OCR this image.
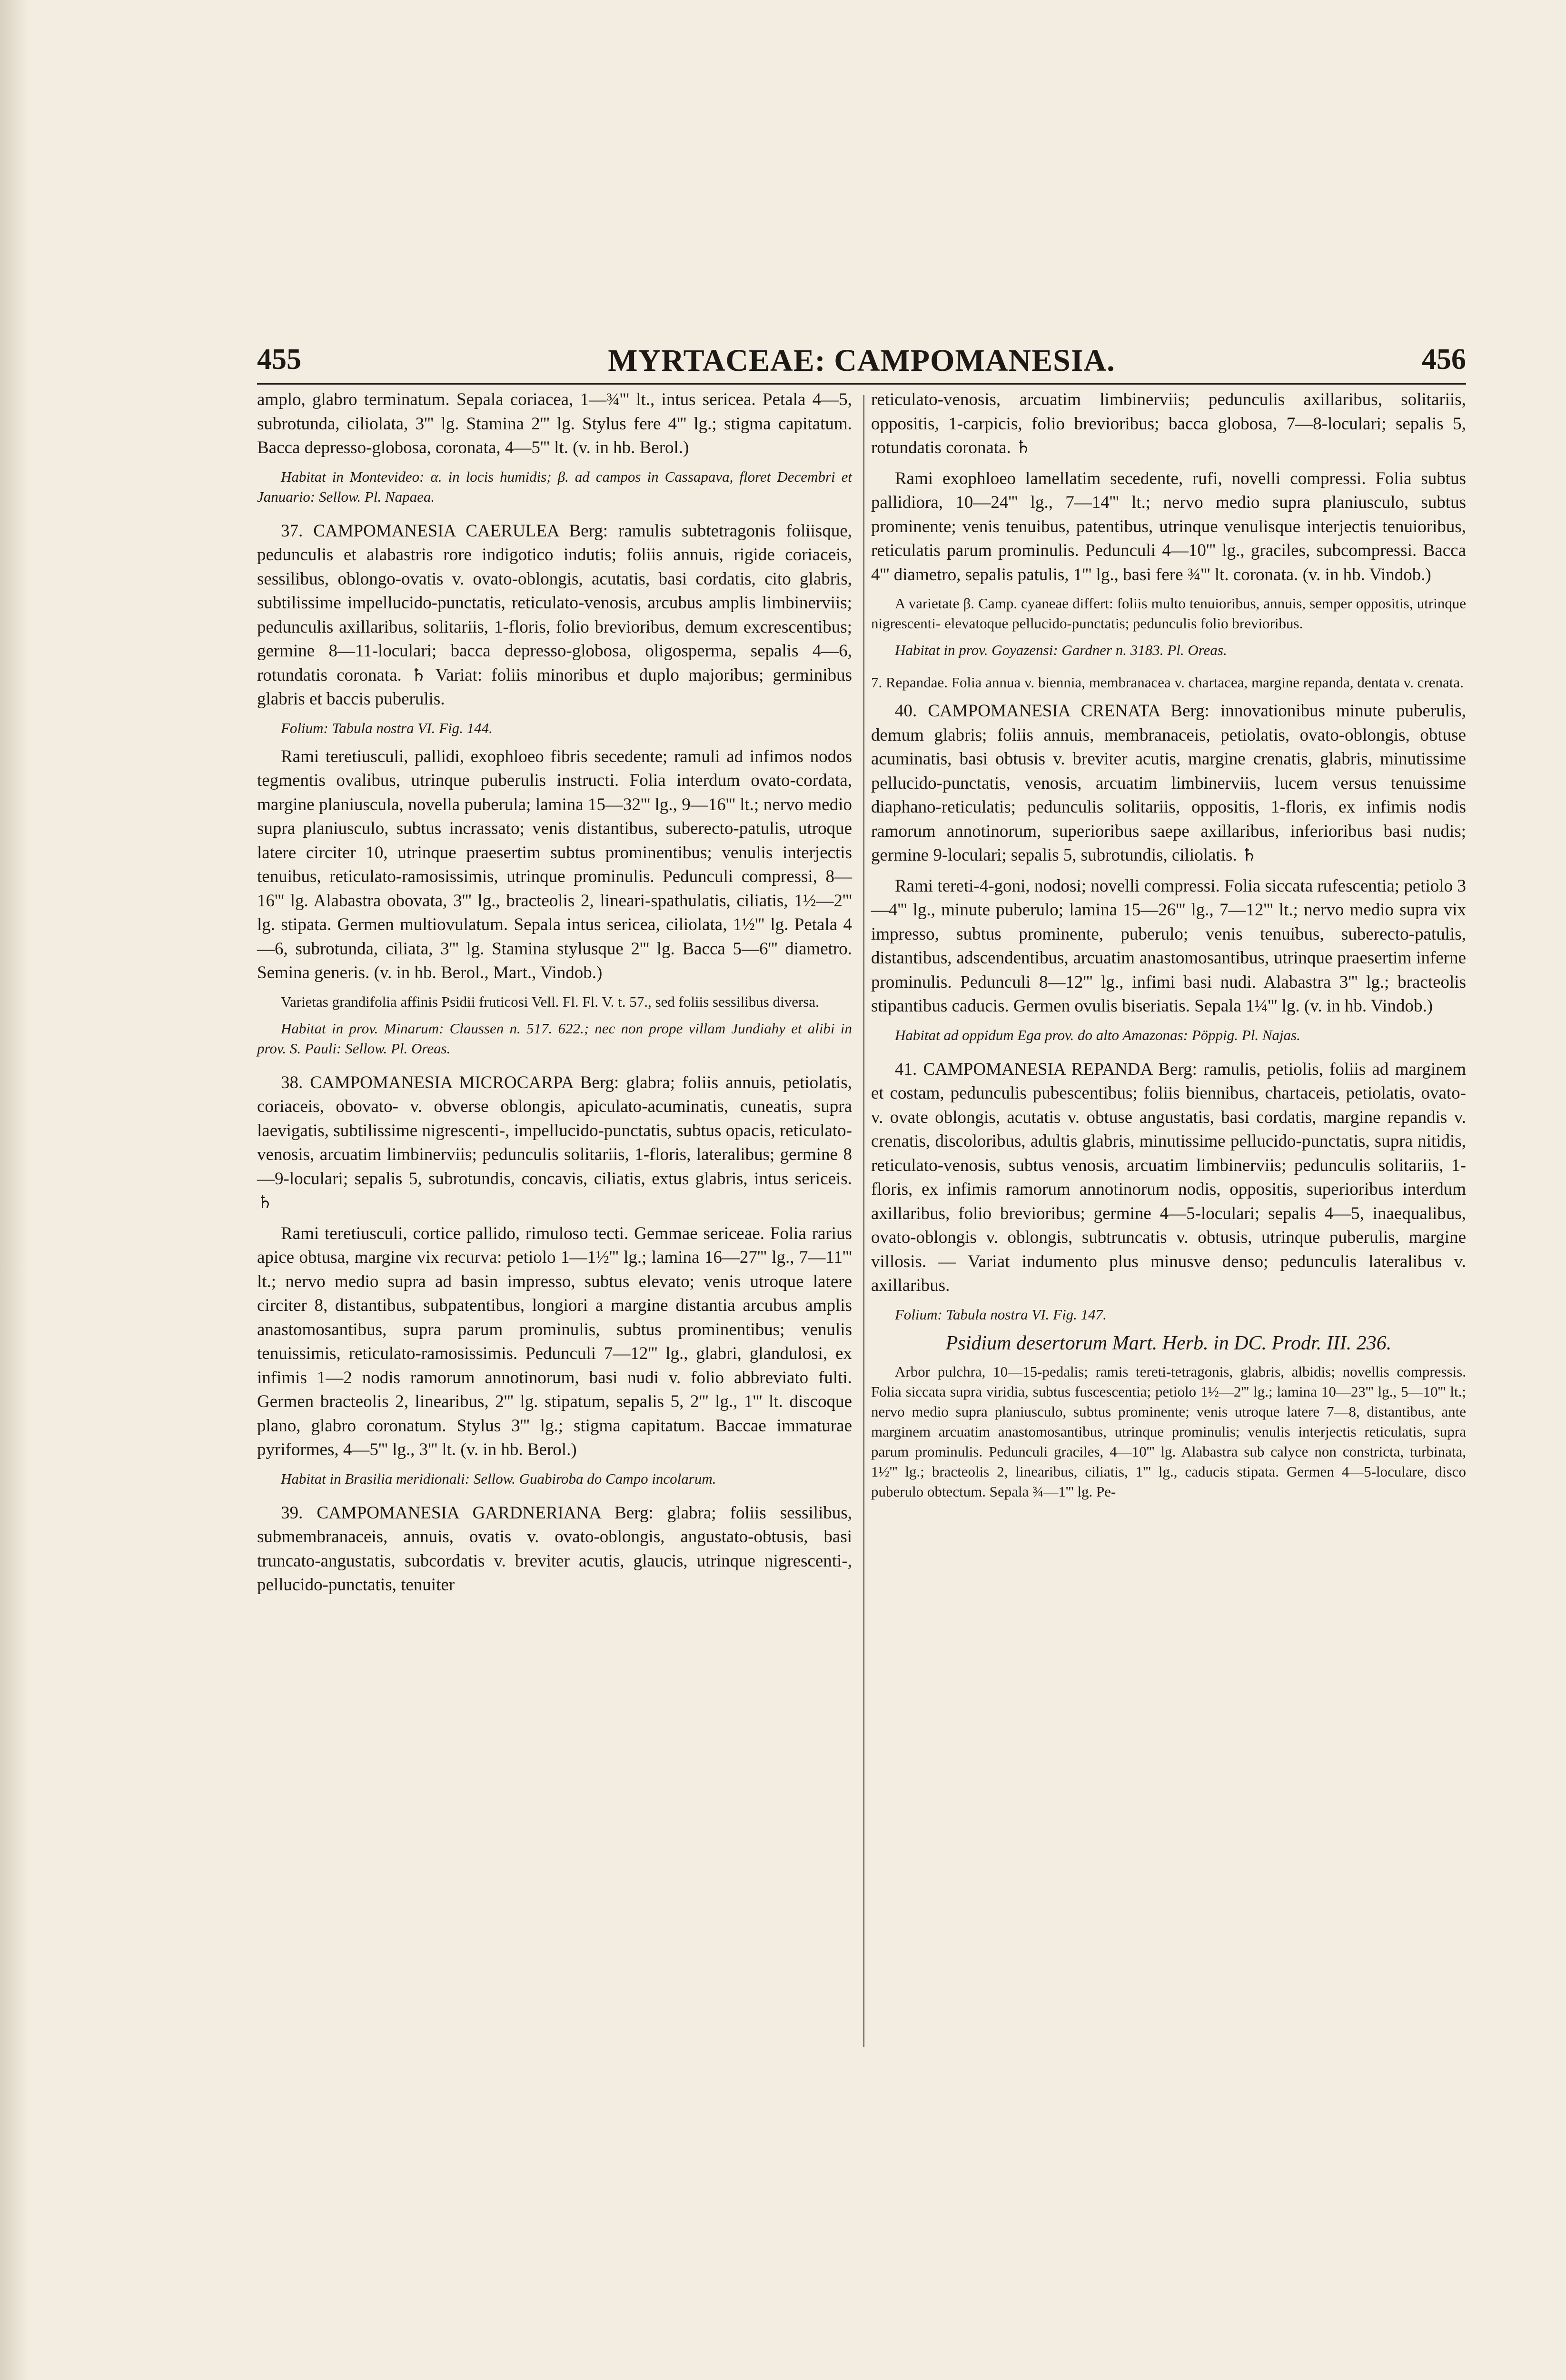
455	MYRTACEAE: CAMPOMANESIA.	456

amplo, glabro terminatum. Sepala coriacea, 1—¾''' lt., intus sericea. Petala 4—5, subrotunda, ciliolata, 3''' lg. Stamina 2''' lg. Stylus fere 4''' lg.; stigma capitatum. Bacca depresso-globosa, coronata, 4—5''' lt. (v. in hb. Berol.)

Habitat in Montevideo: α. in locis humidis; β. ad campos in Cassapava, floret Decembri et Januario: Sellow. Pl. Napaea.

37. CAMPOMANESIA CAERULEA Berg: ramulis subtetragonis foliisque, pedunculis et alabastris rore indigotico indutis; foliis annuis, rigide coriaceis, sessilibus, oblongo-ovatis v. ovato-oblongis, acutatis, basi cordatis, cito glabris, subtilissime impellucido-punctatis, reticulato-venosis, arcubus amplis limbinerviis; pedunculis axillaribus, solitariis, 1-floris, folio brevioribus, demum excrescentibus; germine 8—11-loculari; bacca depresso-globosa, oligosperma, sepalis 4—6, rotundatis coronata. ♄ Variat: foliis minoribus et duplo majoribus; germinibus glabris et baccis puberulis.

Folium: Tabula nostra VI. Fig. 144.

Rami teretiusculi, pallidi, exophloeo fibris secedente; ramuli ad infimos nodos tegmentis ovalibus, utrinque puberulis instructi. Folia interdum ovato-cordata, margine planiuscula, novella puberula; lamina 15—32''' lg., 9—16''' lt.; nervo medio supra planiusculo, subtus incrassato; venis distantibus, suberecto-patulis, utroque latere circiter 10, utrinque praesertim subtus prominentibus; venulis interjectis tenuibus, reticulato-ramosissimis, utrinque prominulis. Pedunculi compressi, 8—16''' lg. Alabastra obovata, 3''' lg., bracteolis 2, lineari-spathulatis, ciliatis, 1½—2''' lg. stipata. Germen multiovulatum. Sepala intus sericea, ciliolata, 1½''' lg. Petala 4—6, subrotunda, ciliata, 3''' lg. Stamina stylusque 2''' lg. Bacca 5—6''' diametro. Semina generis. (v. in hb. Berol., Mart., Vindob.)

Varietas grandifolia affinis Psidii fruticosi Vell. Fl. Fl. V. t. 57., sed foliis sessilibus diversa.

Habitat in prov. Minarum: Claussen n. 517. 622.; nec non prope villam Jundiahy et alibi in prov. S. Pauli: Sellow. Pl. Oreas.

38. CAMPOMANESIA MICROCARPA Berg: glabra; foliis annuis, petiolatis, coriaceis, obovato- v. obverse oblongis, apiculato-acuminatis, cuneatis, supra laevigatis, subtilissime nigrescenti-, impellucido-punctatis, subtus opacis, reticulato-venosis, arcuatim limbinerviis; pedunculis solitariis, 1-floris, lateralibus; germine 8—9-loculari; sepalis 5, subrotundis, concavis, ciliatis, extus glabris, intus sericeis. ♄

Rami teretiusculi, cortice pallido, rimuloso tecti. Gemmae sericeae. Folia rarius apice obtusa, margine vix recurva: petiolo 1—1½''' lg.; lamina 16—27''' lg., 7—11''' lt.; nervo medio supra ad basin impresso, subtus elevato; venis utroque latere circiter 8, distantibus, subpatentibus, longiori a margine distantia arcubus amplis anastomosantibus, supra parum prominulis, subtus prominentibus; venulis tenuissimis, reticulato-ramosissimis. Pedunculi 7—12''' lg., glabri, glandulosi, ex infimis 1—2 nodis ramorum annotinorum, basi nudi v. folio abbreviato fulti. Germen bracteolis 2, linearibus, 2''' lg. stipatum, sepalis 5, 2''' lg., 1''' lt. discoque plano, glabro coronatum. Stylus 3''' lg.; stigma capitatum. Baccae immaturae pyriformes, 4—5''' lg., 3''' lt. (v. in hb. Berol.)

Habitat in Brasilia meridionali: Sellow. Guabiroba do Campo incolarum.

39. CAMPOMANESIA GARDNERIANA Berg: glabra; foliis sessilibus, submembranaceis, annuis, ovatis v. ovato-oblongis, angustato-obtusis, basi truncato-angustatis, subcordatis v. breviter acutis, glaucis, utrinque nigrescenti-, pellucido-punctatis, tenuiter

reticulato-venosis, arcuatim limbinerviis; pedunculis axillaribus, solitariis, oppositis, 1-carpicis, folio brevioribus; bacca globosa, 7—8-loculari; sepalis 5, rotundatis coronata. ♄

Rami exophloeo lamellatim secedente, rufi, novelli compressi. Folia subtus pallidiora, 10—24''' lg., 7—14''' lt.; nervo medio supra planiusculo, subtus prominente; venis tenuibus, patentibus, utrinque venulisque interjectis tenuioribus, reticulatis parum prominulis. Pedunculi 4—10''' lg., graciles, subcompressi. Bacca 4''' diametro, sepalis patulis, 1''' lg., basi fere ¾''' lt. coronata. (v. in hb. Vindob.)

A varietate β. Camp. cyaneae differt: foliis multo tenuioribus, annuis, semper oppositis, utrinque nigrescenti- elevatoque pellucido-punctatis; pedunculis folio brevioribus.

Habitat in prov. Goyazensi: Gardner n. 3183. Pl. Oreas.

7. Repandae. Folia annua v. biennia, membranacea v. chartacea, margine repanda, dentata v. crenata.

40. CAMPOMANESIA CRENATA Berg: innovationibus minute puberulis, demum glabris; foliis annuis, membranaceis, petiolatis, ovato-oblongis, obtuse acuminatis, basi obtusis v. breviter acutis, margine crenatis, glabris, minutissime pellucido-punctatis, venosis, arcuatim limbinerviis, lucem versus tenuissime diaphano-reticulatis; pedunculis solitariis, oppositis, 1-floris, ex infimis nodis ramorum annotinorum, superioribus saepe axillaribus, inferioribus basi nudis; germine 9-loculari; sepalis 5, subrotundis, ciliolatis. ♄

Rami tereti-4-goni, nodosi; novelli compressi. Folia siccata rufescentia; petiolo 3—4''' lg., minute puberulo; lamina 15—26''' lg., 7—12''' lt.; nervo medio supra vix impresso, subtus prominente, puberulo; venis tenuibus, suberecto-patulis, distantibus, adscendentibus, arcuatim anastomosantibus, utrinque praesertim inferne prominulis. Pedunculi 8—12''' lg., infimi basi nudi. Alabastra 3''' lg.; bracteolis stipantibus caducis. Germen ovulis biseriatis. Sepala 1¼''' lg. (v. in hb. Vindob.)

Habitat ad oppidum Ega prov. do alto Amazonas: Pöppig. Pl. Najas.

41. CAMPOMANESIA REPANDA Berg: ramulis, petiolis, foliis ad marginem et costam, pedunculis pubescentibus; foliis biennibus, chartaceis, petiolatis, ovato- v. ovate oblongis, acutatis v. obtuse angustatis, basi cordatis, margine repandis v. crenatis, discoloribus, adultis glabris, minutissime pellucido-punctatis, supra nitidis, reticulato-venosis, subtus venosis, arcuatim limbinerviis; pedunculis solitariis, 1-floris, ex infimis ramorum annotinorum nodis, oppositis, superioribus interdum axillaribus, folio brevioribus; germine 4—5-loculari; sepalis 4—5, inaequalibus, ovato-oblongis v. oblongis, subtruncatis v. obtusis, utrinque puberulis, margine villosis. — Variat indumento plus minusve denso; pedunculis lateralibus v. axillaribus.

Folium: Tabula nostra VI. Fig. 147.

Psidium desertorum Mart. Herb. in DC. Prodr. III. 236.

Arbor pulchra, 10—15-pedalis; ramis tereti-tetragonis, glabris, albidis; novellis compressis. Folia siccata supra viridia, subtus fuscescentia; petiolo 1½—2''' lg.; lamina 10—23''' lg., 5—10''' lt.; nervo medio supra planiusculo, subtus prominente; venis utroque latere 7—8, distantibus, ante marginem arcuatim anastomosantibus, utrinque prominulis; venulis interjectis reticulatis, supra parum prominulis. Pedunculi graciles, 4—10''' lg. Alabastra sub calyce non constricta, turbinata, 1½''' lg.; bracteolis 2, linearibus, ciliatis, 1''' lg., caducis stipata. Germen 4—5-loculare, disco puberulo obtectum. Sepala ¾—1''' lg. Pe-
